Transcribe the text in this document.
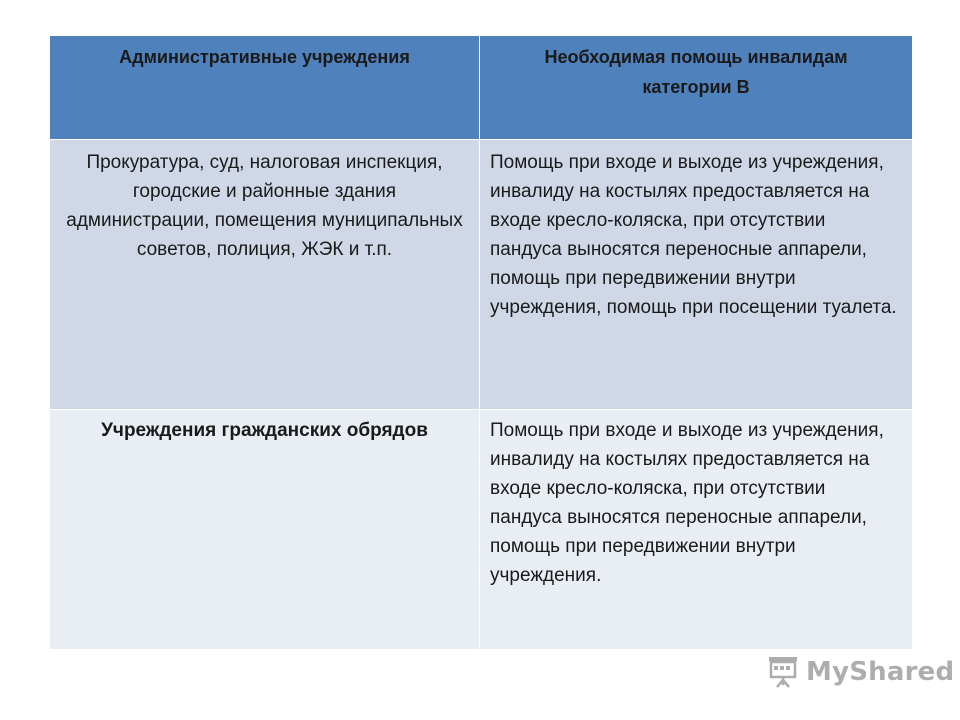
Административные учреждения	Необходимая помощь инвалидам категории В
Прокуратура, суд, налоговая инспекция, городские и районные здания администрации, помещения муниципальных советов, полиция, ЖЭК и т.п.	Помощь при входе и выходе из учреждения, инвалиду на костылях предоставляется на входе кресло-коляска, при отсутствии пандуса выносятся переносные аппарели, помощь при передвижении внутри учреждения, помощь при посещении туалета.
Учреждения гражданских обрядов	Помощь при входе и выходе из учреждения, инвалиду на костылях предоставляется на входе кресло-коляска, при отсутствии пандуса выносятся переносные аппарели, помощь при передвижении внутри учреждения.
MyShared
